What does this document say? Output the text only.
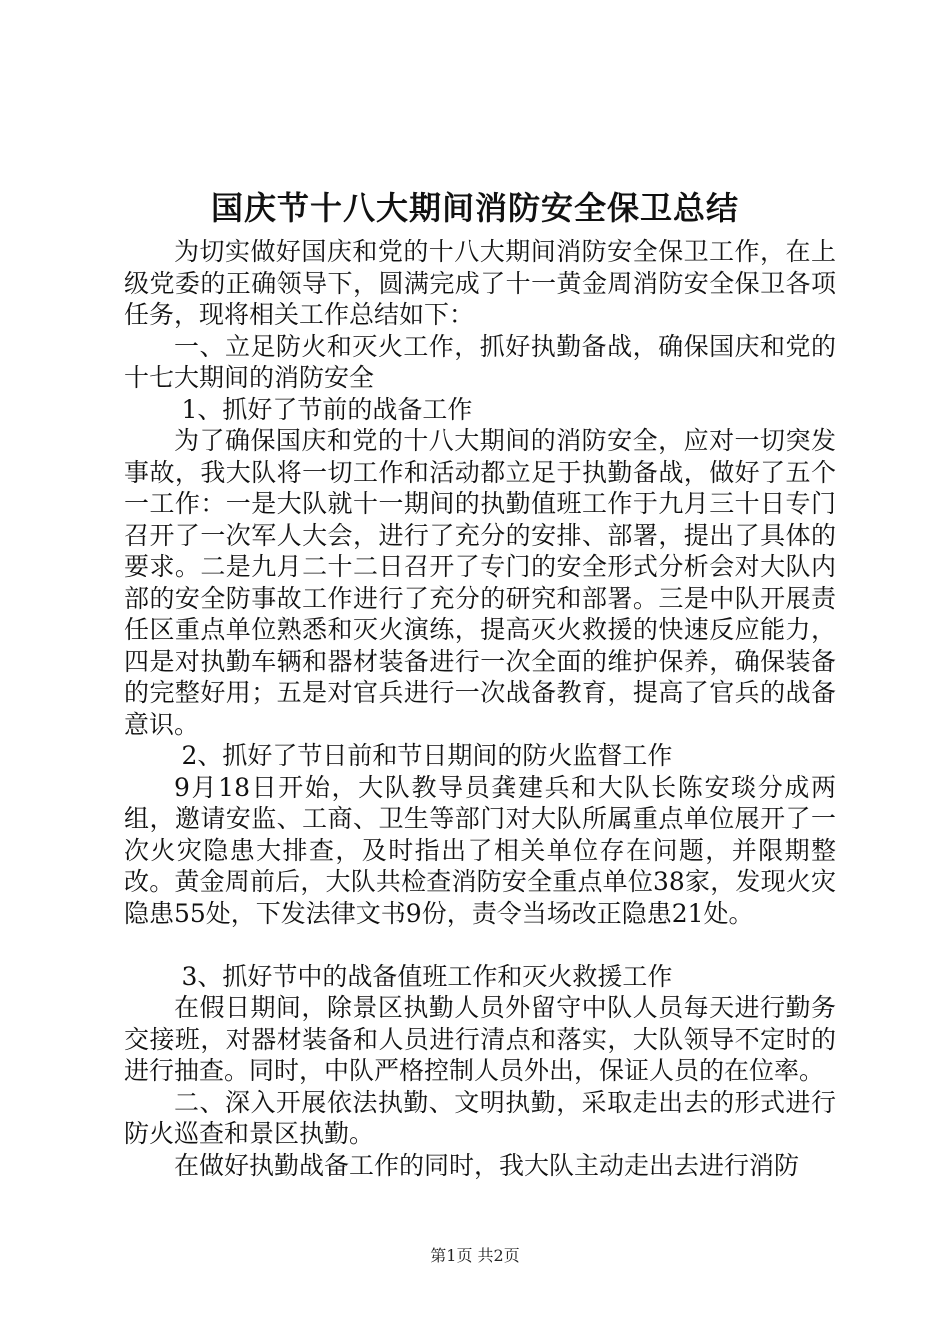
国庆节十八大期间消防安全保卫总结

为切实做好国庆和党的十八大期间消防安全保卫工作，在上级党委的正确领导下，圆满完成了十一黄金周消防安全保卫各项任务，现将相关工作总结如下：

一、立足防火和灭火工作，抓好执勤备战，确保国庆和党的十七大期间的消防安全

1、抓好了节前的战备工作

为了确保国庆和党的十八大期间的消防安全，应对一切突发事故，我大队将一切工作和活动都立足于执勤备战，做好了五个一工作：一是大队就十一期间的执勤值班工作于九月三十日专门召开了一次军人大会，进行了充分的安排、部署，提出了具体的要求。二是九月二十二日召开了专门的安全形式分析会对大队内部的安全防事故工作进行了充分的研究和部署。三是中队开展责任区重点单位熟悉和灭火演练，提高灭火救援的快速反应能力，四是对执勤车辆和器材装备进行一次全面的维护保养，确保装备的完整好用；五是对官兵进行一次战备教育，提高了官兵的战备意识。

2、抓好了节日前和节日期间的防火监督工作

9月18日开始，大队教导员龚建兵和大队长陈安琰分成两组，邀请安监、工商、卫生等部门对大队所属重点单位展开了一次火灾隐患大排查，及时指出了相关单位存在问题，并限期整改。黄金周前后，大队共检查消防安全重点单位38家，发现火灾隐患55处，下发法律文书9份，责令当场改正隐患21处。

3、抓好节中的战备值班工作和灭火救援工作

在假日期间，除景区执勤人员外留守中队人员每天进行勤务交接班，对器材装备和人员进行清点和落实，大队领导不定时的进行抽查。同时，中队严格控制人员外出，保证人员的在位率。

二、深入开展依法执勤、文明执勤，采取走出去的形式进行防火巡查和景区执勤。

在做好执勤战备工作的同时，我大队主动走出去进行消防

第1页 共2页
